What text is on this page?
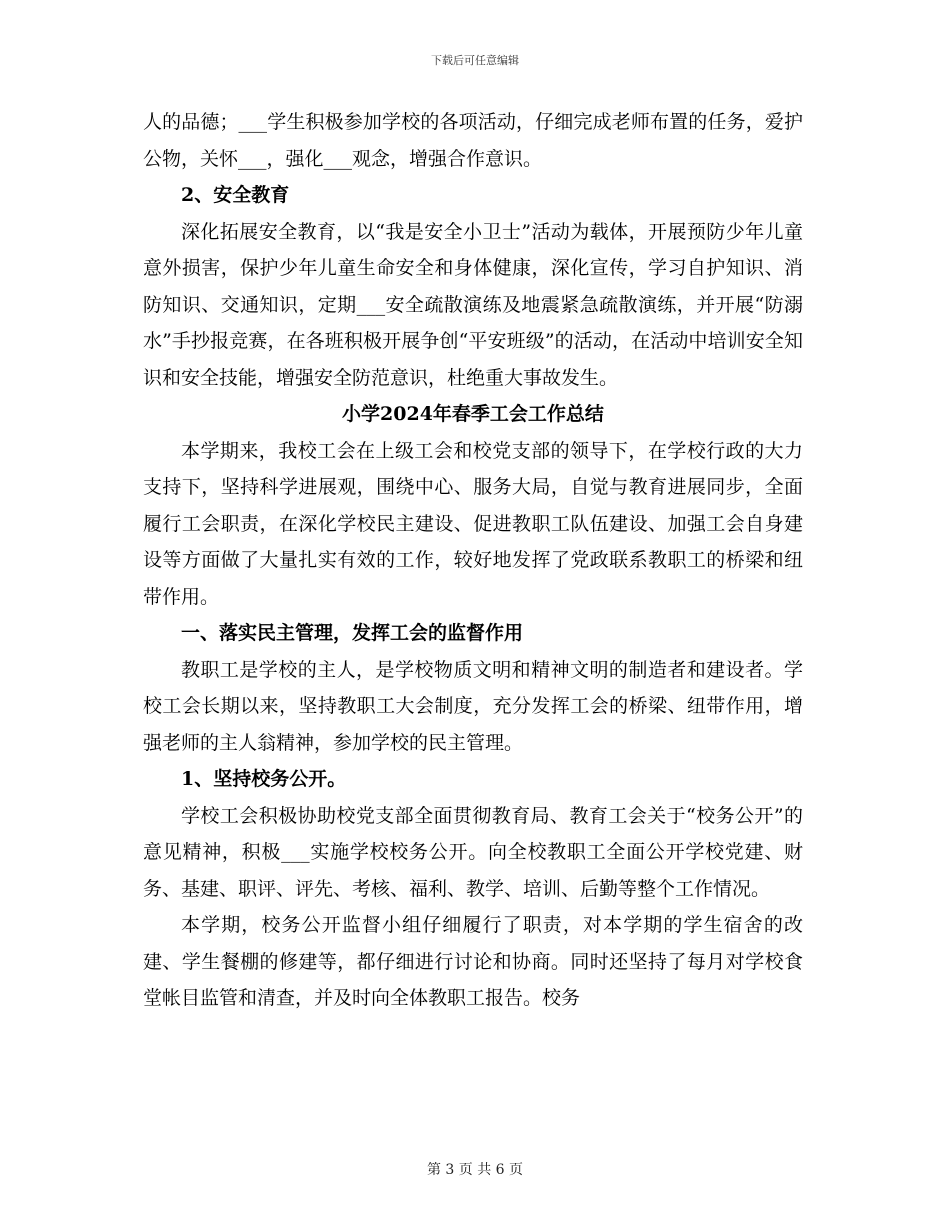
下载后可任意编辑

人的品德；___学生积极参加学校的各项活动，仔细完成老师布置的任务，爱护公物，关怀___，强化___观念，增强合作意识。

2、安全教育

深化拓展安全教育，以“我是安全小卫士”活动为载体，开展预防少年儿童意外损害，保护少年儿童生命安全和身体健康，深化宣传，学习自护知识、消防知识、交通知识，定期___安全疏散演练及地震紧急疏散演练，并开展“防溺水”手抄报竞赛，在各班积极开展争创“平安班级”的活动，在活动中培训安全知识和安全技能，增强安全防范意识，杜绝重大事故发生。

小学2024年春季工会工作总结

本学期来，我校工会在上级工会和校党支部的领导下，在学校行政的大力支持下，坚持科学进展观，围绕中心、服务大局，自觉与教育进展同步，全面履行工会职责，在深化学校民主建设、促进教职工队伍建设、加强工会自身建设等方面做了大量扎实有效的工作，较好地发挥了党政联系教职工的桥梁和纽带作用。

一、落实民主管理，发挥工会的监督作用

教职工是学校的主人，是学校物质文明和精神文明的制造者和建设者。学校工会长期以来，坚持教职工大会制度，充分发挥工会的桥梁、纽带作用，增强老师的主人翁精神，参加学校的民主管理。

1、坚持校务公开。

学校工会积极协助校党支部全面贯彻教育局、教育工会关于“校务公开”的意见精神，积极___实施学校校务公开。向全校教职工全面公开学校党建、财务、基建、职评、评先、考核、福利、教学、培训、后勤等整个工作情况。

本学期，校务公开监督小组仔细履行了职责，对本学期的学生宿舍的改建、学生餐棚的修建等，都仔细进行讨论和协商。同时还坚持了每月对学校食堂帐目监管和清查，并及时向全体教职工报告。校务

第 3 页 共 6 页
